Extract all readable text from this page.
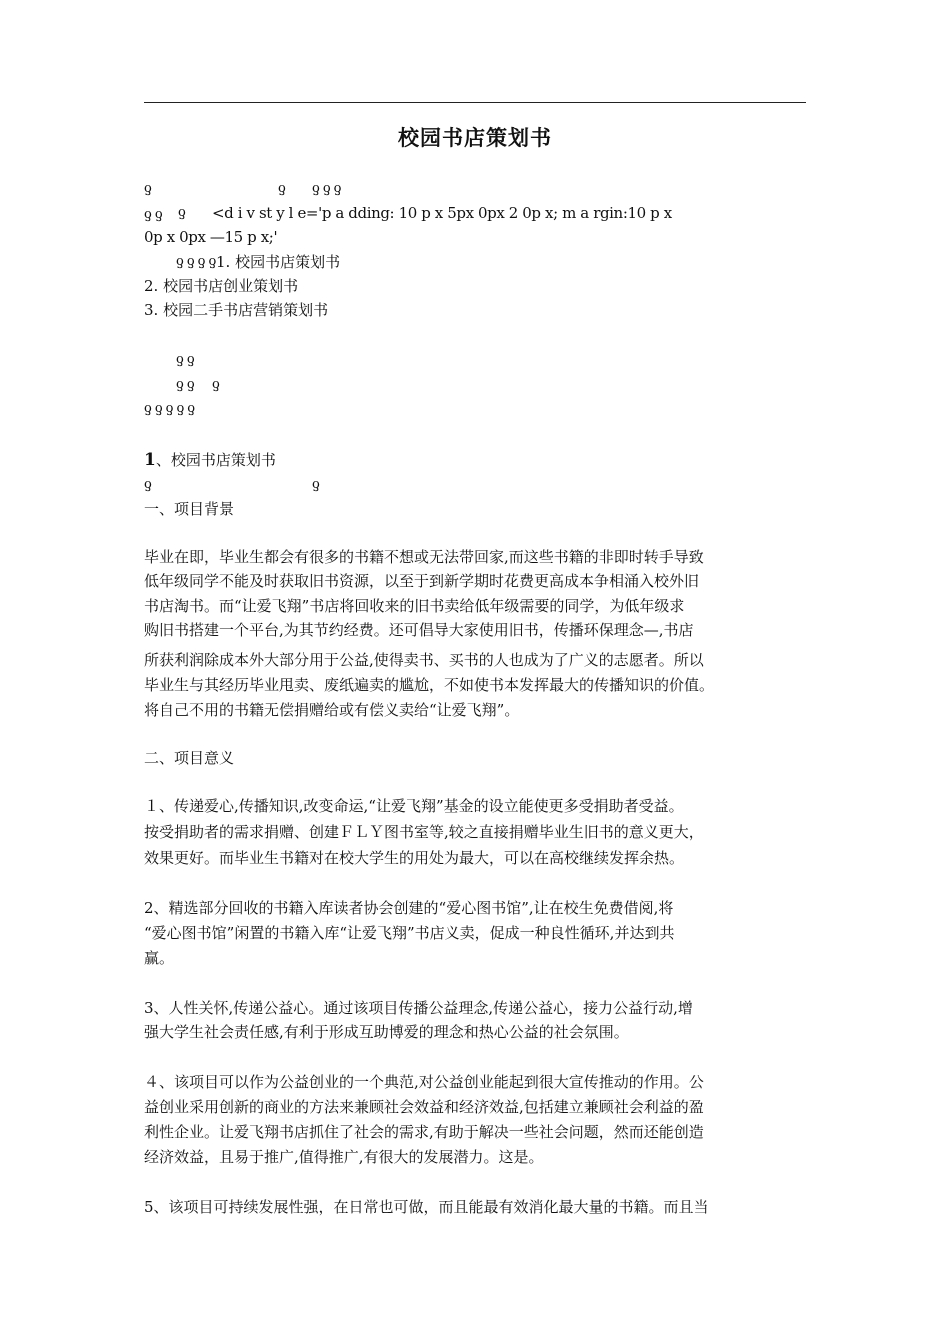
校园书店策划书
ƍ	ƍ ƍƍƍ
ƍƍ ƍ <d i v st y l e='p a dding: 10 p x 5px 0px 2 0p x; m a rgin:10 p x
0p x 0px —15 p x;'
ƍƍƍƍ
1. 校园书店策划书
2. 校园书店创业策划书
3. 校园二手书店营销策划书
ƍƍ
ƍƍ ƍ
ƍƍƍƍƍ
1、校园书店策划书
ƍ	ƍ
一、项目背景
毕业在即，毕业生都会有很多的书籍不想或无法带回家,而这些书籍的非即时转手导致
低年级同学不能及时获取旧书资源，以至于到新学期时花费更高成本争相涌入校外旧
书店淘书。而“让爱飞翔”书店将回收来的旧书卖给低年级需要的同学，为低年级求
购旧书搭建一个平台,为其节约经费。还可倡导大家使用旧书，传播环保理念—,书店
所获利润除成本外大部分用于公益,使得卖书、买书的人也成为了广义的志愿者。所以
毕业生与其经历毕业甩卖、废纸遍卖的尴尬，不如使书本发挥最大的传播知识的价值。
将自己不用的书籍无偿捐赠给或有偿义卖给“让爱飞翔”。
二、项目意义
１、传递爱心,传播知识,改变命运,“让爱飞翔”基金的设立能使更多受捐助者受益。
按受捐助者的需求捐赠、创建ＦＬＹ图书室等,较之直接捐赠毕业生旧书的意义更大，
效果更好。而毕业生书籍对在校大学生的用处为最大，可以在高校继续发挥余热。
2、精选部分回收的书籍入库读者协会创建的“爱心图书馆”,让在校生免费借阅,将
“爱心图书馆”闲置的书籍入库“让爱飞翔”书店义卖，促成一种良性循环,并达到共
赢。
3、人性关怀,传递公益心。通过该项目传播公益理念,传递公益心，接力公益行动,增
强大学生社会责任感,有利于形成互助博爱的理念和热心公益的社会氛围。
４、该项目可以作为公益创业的一个典范,对公益创业能起到很大宣传推动的作用。公
益创业采用创新的商业的方法来兼顾社会效益和经济效益,包括建立兼顾社会利益的盈
利性企业。让爱飞翔书店抓住了社会的需求,有助于解决一些社会问题，然而还能创造
经济效益，且易于推广,值得推广,有很大的发展潜力。这是。
5、该项目可持续发展性强，在日常也可做，而且能最有效消化最大量的书籍。而且当
